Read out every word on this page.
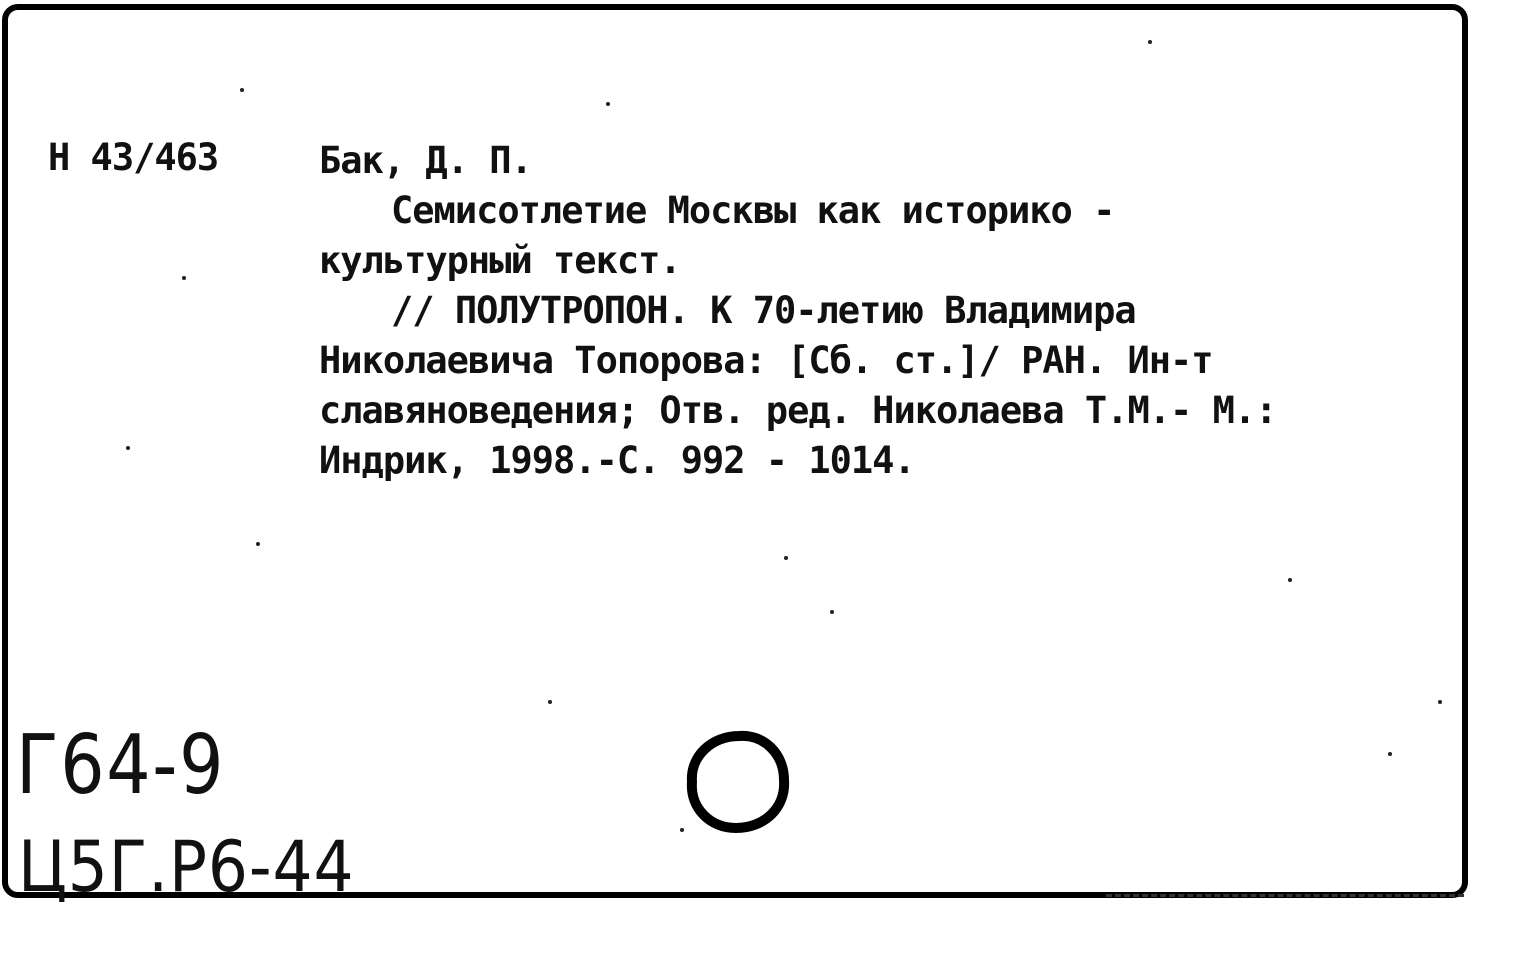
Н 43/463	Бак, Д. П.

Семисотлетие Москвы как историко -

культурный текст.

// ПОЛУТРОПОН. К 70-летию Владимира

Николаевича Топорова: [Сб. ст.]/ РАН. Ин-т

славяноведения; Отв. ред. Николаева Т.М.- М.:

Индрик, 1998.-С. 992 - 1014.

Г64-9
Ц5Г.Р6-44
